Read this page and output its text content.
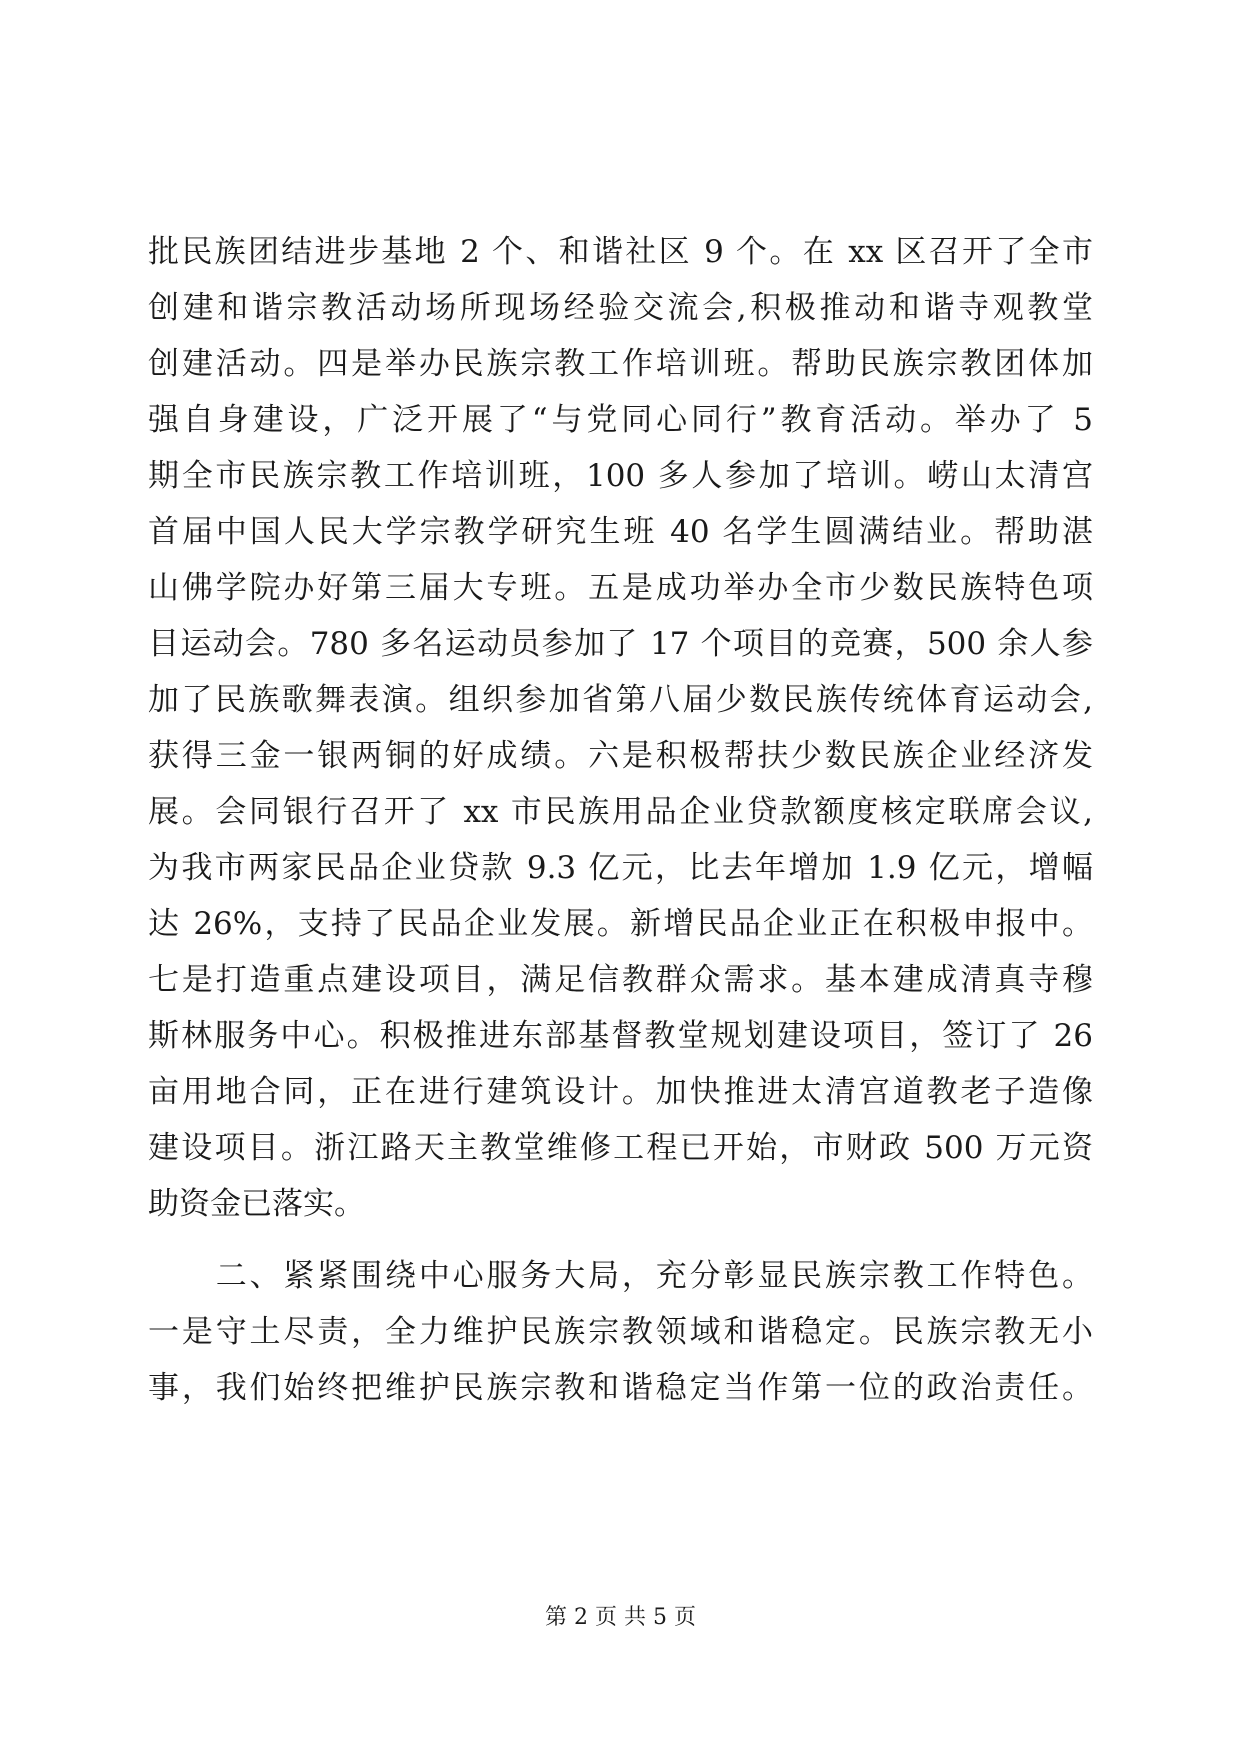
批民族团结进步基地 2 个、和谐社区 9 个。在 xx 区召开了全市
创建和谐宗教活动场所现场经验交流会,积极推动和谐寺观教堂
创建活动。四是举办民族宗教工作培训班。帮助民族宗教团体加
强自身建设，广泛开展了“与党同心同行”教育活动。举办了 5
期全市民族宗教工作培训班，100 多人参加了培训。崂山太清宫
首届中国人民大学宗教学研究生班 40 名学生圆满结业。帮助湛
山佛学院办好第三届大专班。五是成功举办全市少数民族特色项
目运动会。780 多名运动员参加了 17 个项目的竞赛，500 余人参
加了民族歌舞表演。组织参加省第八届少数民族传统体育运动会,
获得三金一银两铜的好成绩。六是积极帮扶少数民族企业经济发
展。会同银行召开了 xx 市民族用品企业贷款额度核定联席会议,
为我市两家民品企业贷款 9.3 亿元，比去年增加 1.9 亿元，增幅
达 26%，支持了民品企业发展。新增民品企业正在积极申报中。
七是打造重点建设项目，满足信教群众需求。基本建成清真寺穆
斯林服务中心。积极推进东部基督教堂规划建设项目，签订了 26
亩用地合同，正在进行建筑设计。加快推进太清宫道教老子造像
建设项目。浙江路天主教堂维修工程已开始，市财政 500 万元资
助资金已落实。
　　二、紧紧围绕中心服务大局，充分彰显民族宗教工作特色。
一是守土尽责，全力维护民族宗教领域和谐稳定。民族宗教无小
事，我们始终把维护民族宗教和谐稳定当作第一位的政治责任。
第 2 页 共 5 页
